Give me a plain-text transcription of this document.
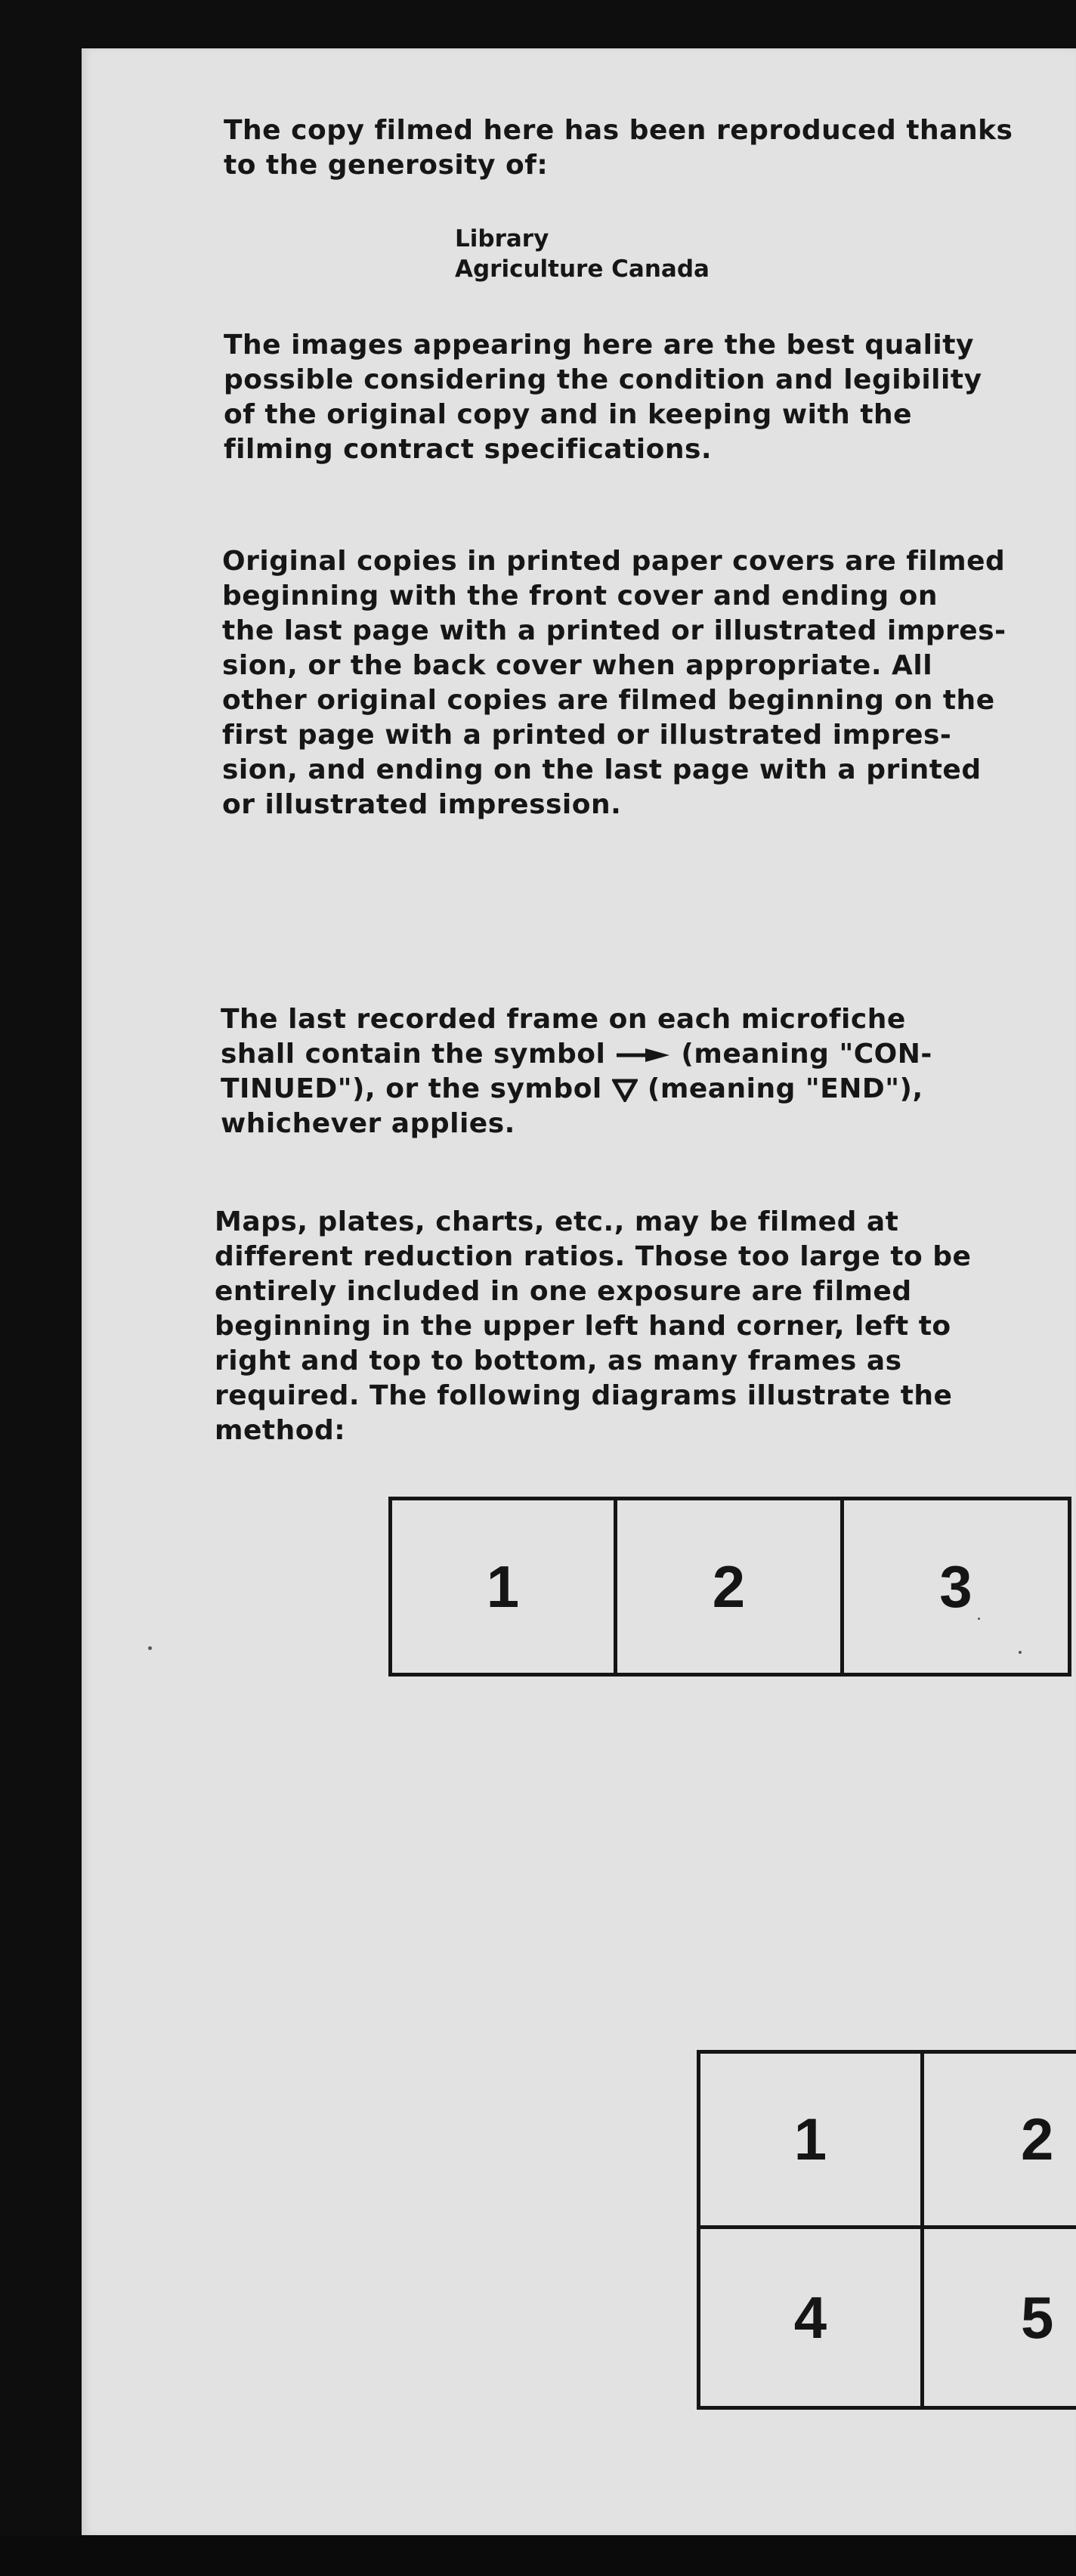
The copy filmed here has been reproduced thanks
to the generosity of:
Library
Agriculture Canada
The images appearing here are the best quality
possible considering the condition and legibility
of the original copy and in keeping with the
filming contract specifications.
Original copies in printed paper covers are filmed
beginning with the front cover and ending on
the last page with a printed or illustrated impres-
sion, or the back cover when appropriate. All
other original copies are filmed beginning on the
first page with a printed or illustrated impres-
sion, and ending on the last page with a printed
or illustrated impression.
The last recorded frame on each microfiche
shall contain the symbol	(meaning "CON-
TINUED"), or the symbol (meaning "END"),
whichever applies.
Maps, plates, charts, etc., may be filmed at
different reduction ratios. Those too large to be
entirely included in one exposure are filmed
beginning in the upper left hand corner, left to
right and top to bottom, as many frames as
required. The following diagrams illustrate the
method:
1	2	3
1	2
4	5
